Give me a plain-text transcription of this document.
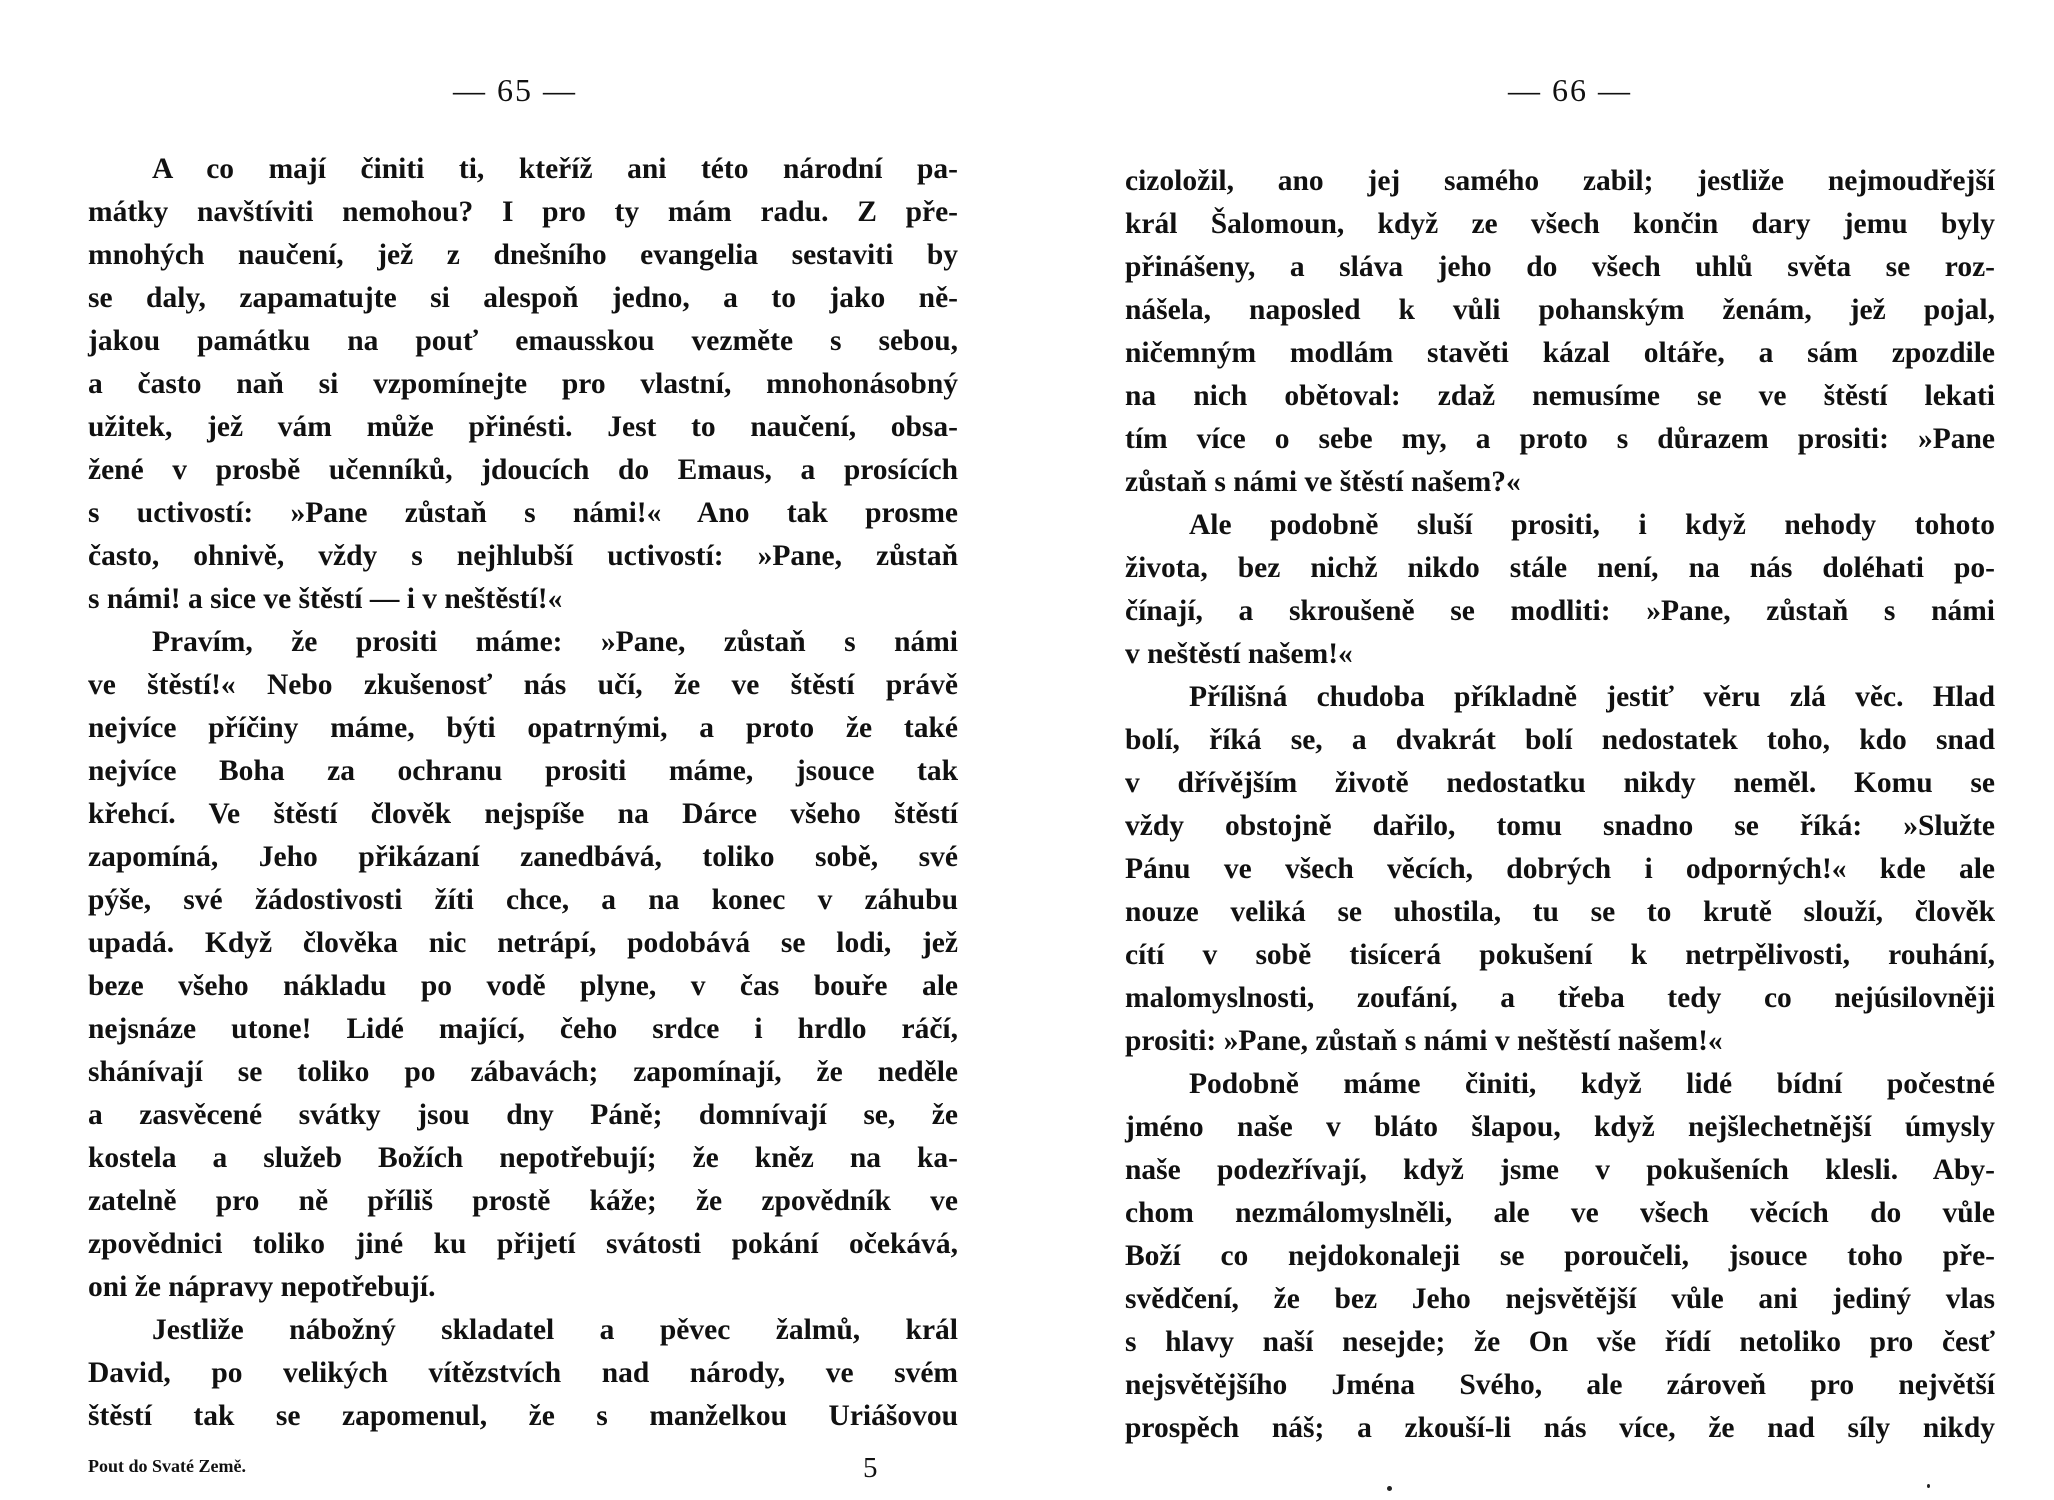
— 65 —
A co mají činiti ti, kteříž ani této národní pa-
mátky navštíviti nemohou? I pro ty mám radu. Z pře-
mnohých naučení, jež z dnešního evangelia sestaviti by
se daly, zapamatujte si alespoň jedno, a to jako ně-
jakou památku na pouť emausskou vezměte s sebou,
a často naň si vzpomínejte pro vlastní, mnohonásobný
užitek, jež vám může přinésti. Jest to naučení, obsa-
žené v prosbě učenníků, jdoucích do Emaus, a prosících
s uctivostí: »Pane zůstaň s námi!« Ano tak prosme
často, ohnivě, vždy s nejhlubší uctivostí: »Pane, zůstaň
s námi! a sice ve štěstí — i v neštěstí!«
Pravím, že prositi máme: »Pane, zůstaň s námi
ve štěstí!« Nebo zkušenosť nás učí, že ve štěstí právě
nejvíce příčiny máme, býti opatrnými, a proto že také
nejvíce Boha za ochranu prositi máme, jsouce tak
křehcí. Ve štěstí člověk nejspíše na Dárce všeho štěstí
zapomíná, Jeho přikázaní zanedbává, toliko sobě, své
pýše, své žádostivosti žíti chce, a na konec v záhubu
upadá. Když člověka nic netrápí, podobává se lodi, jež
beze všeho nákladu po vodě plyne, v čas bouře ale
nejsnáze utone! Lidé mající, čeho srdce i hrdlo ráčí,
shánívají se toliko po zábavách; zapomínají, že neděle
a zasvěcené svátky jsou dny Páně; domnívají se, že
kostela a služeb Božích nepotřebují; že kněz na ka-
zatelně pro ně příliš prostě káže; že zpovědník ve
zpovědnici toliko jiné ku přijetí svátosti pokání očekává,
oni že nápravy nepotřebují.
Jestliže nábožný skladatel a pěvec žalmů, král
David, po velikých vítězstvích nad národy, ve svém
štěstí tak se zapomenul, že s manželkou Uriášovou
Pout do Svaté Země.	5
— 66 —
cizoložil, ano jej samého zabil; jestliže nejmoudřejší
král Šalomoun, když ze všech končin dary jemu byly
přinášeny, a sláva jeho do všech uhlů světa se roz-
nášela, naposled k vůli pohanským ženám, jež pojal,
ničemným modlám stavěti kázal oltáře, a sám zpozdile
na nich obětoval: zdaž nemusíme se ve štěstí lekati
tím více o sebe my, a proto s důrazem prositi: »Pane
zůstaň s námi ve štěstí našem?«
Ale podobně sluší prositi, i když nehody tohoto
života, bez nichž nikdo stále není, na nás doléhati po-
čínají, a skroušeně se modliti: »Pane, zůstaň s námi
v neštěstí našem!«
Přílišná chudoba příkladně jestiť věru zlá věc. Hlad
bolí, říká se, a dvakrát bolí nedostatek toho, kdo snad
v dřívějším životě nedostatku nikdy neměl. Komu se
vždy obstojně dařilo, tomu snadno se říká: »Služte
Pánu ve všech věcích, dobrých i odporných!« kde ale
nouze veliká se uhostila, tu se to krutě slouží, člověk
cítí v sobě tisícerá pokušení k netrpělivosti, rouhání,
malomyslnosti, zoufání, a třeba tedy co nejúsilovněji
prositi: »Pane, zůstaň s námi v neštěstí našem!«
Podobně máme činiti, když lidé bídní počestné
jméno naše v bláto šlapou, když nejšlechetnější úmysly
naše podezřívají, když jsme v pokušeních klesli. Aby-
chom nezmálomyslněli, ale ve všech věcích do vůle
Boží co nejdokonaleji se poroučeli, jsouce toho pře-
svědčení, že bez Jeho nejsvětější vůle ani jediný vlas
s hlavy naší nesejde; že On vše řídí netoliko pro česť
nejsvětějšího Jména Svého, ale zároveň pro největší
prospěch náš; a zkouší-li nás více, že nad síly nikdy
